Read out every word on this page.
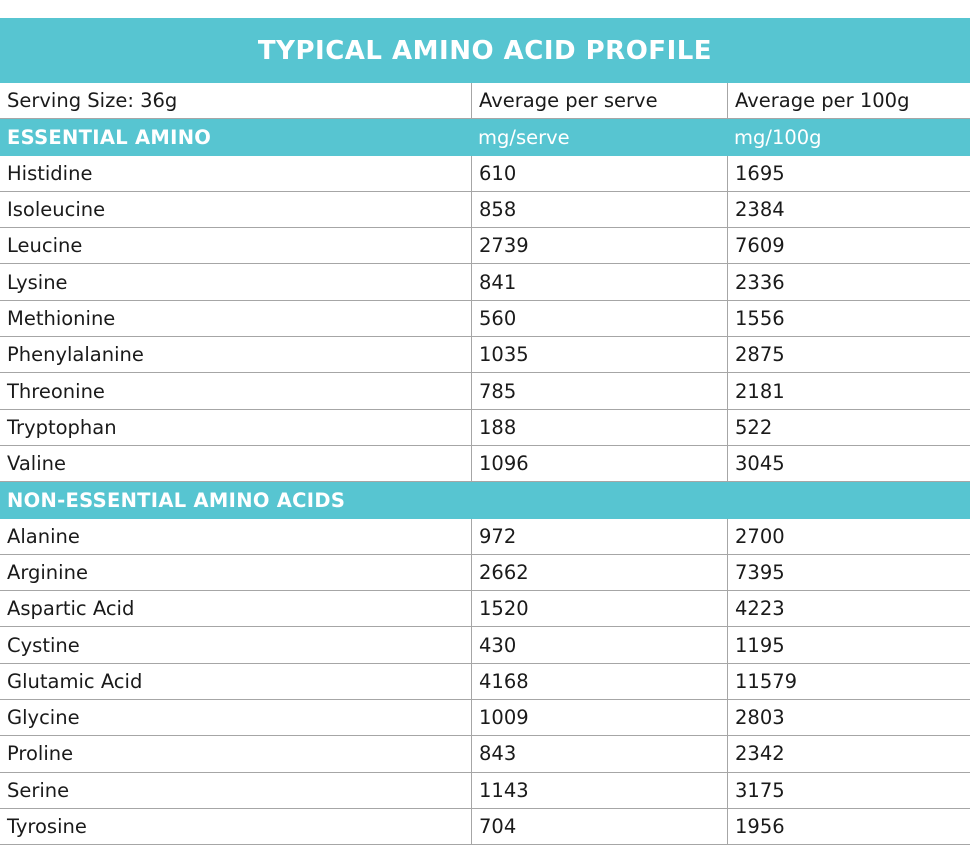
TYPICAL AMINO ACID PROFILE
Serving Size: 36g	Average per serve	Average per 100g
ESSENTIAL AMINO	mg/serve	mg/100g
Histidine	610	1695
Isoleucine	858	2384
Leucine	2739	7609
Lysine	841	2336
Methionine	560	1556
Phenylalanine	1035	2875
Threonine	785	2181
Tryptophan	188	522
Valine	1096	3045
NON-ESSENTIAL AMINO ACIDS
Alanine	972	2700
Arginine	2662	7395
Aspartic Acid	1520	4223
Cystine	430	1195
Glutamic Acid	4168	11579
Glycine	1009	2803
Proline	843	2342
Serine	1143	3175
Tyrosine	704	1956
